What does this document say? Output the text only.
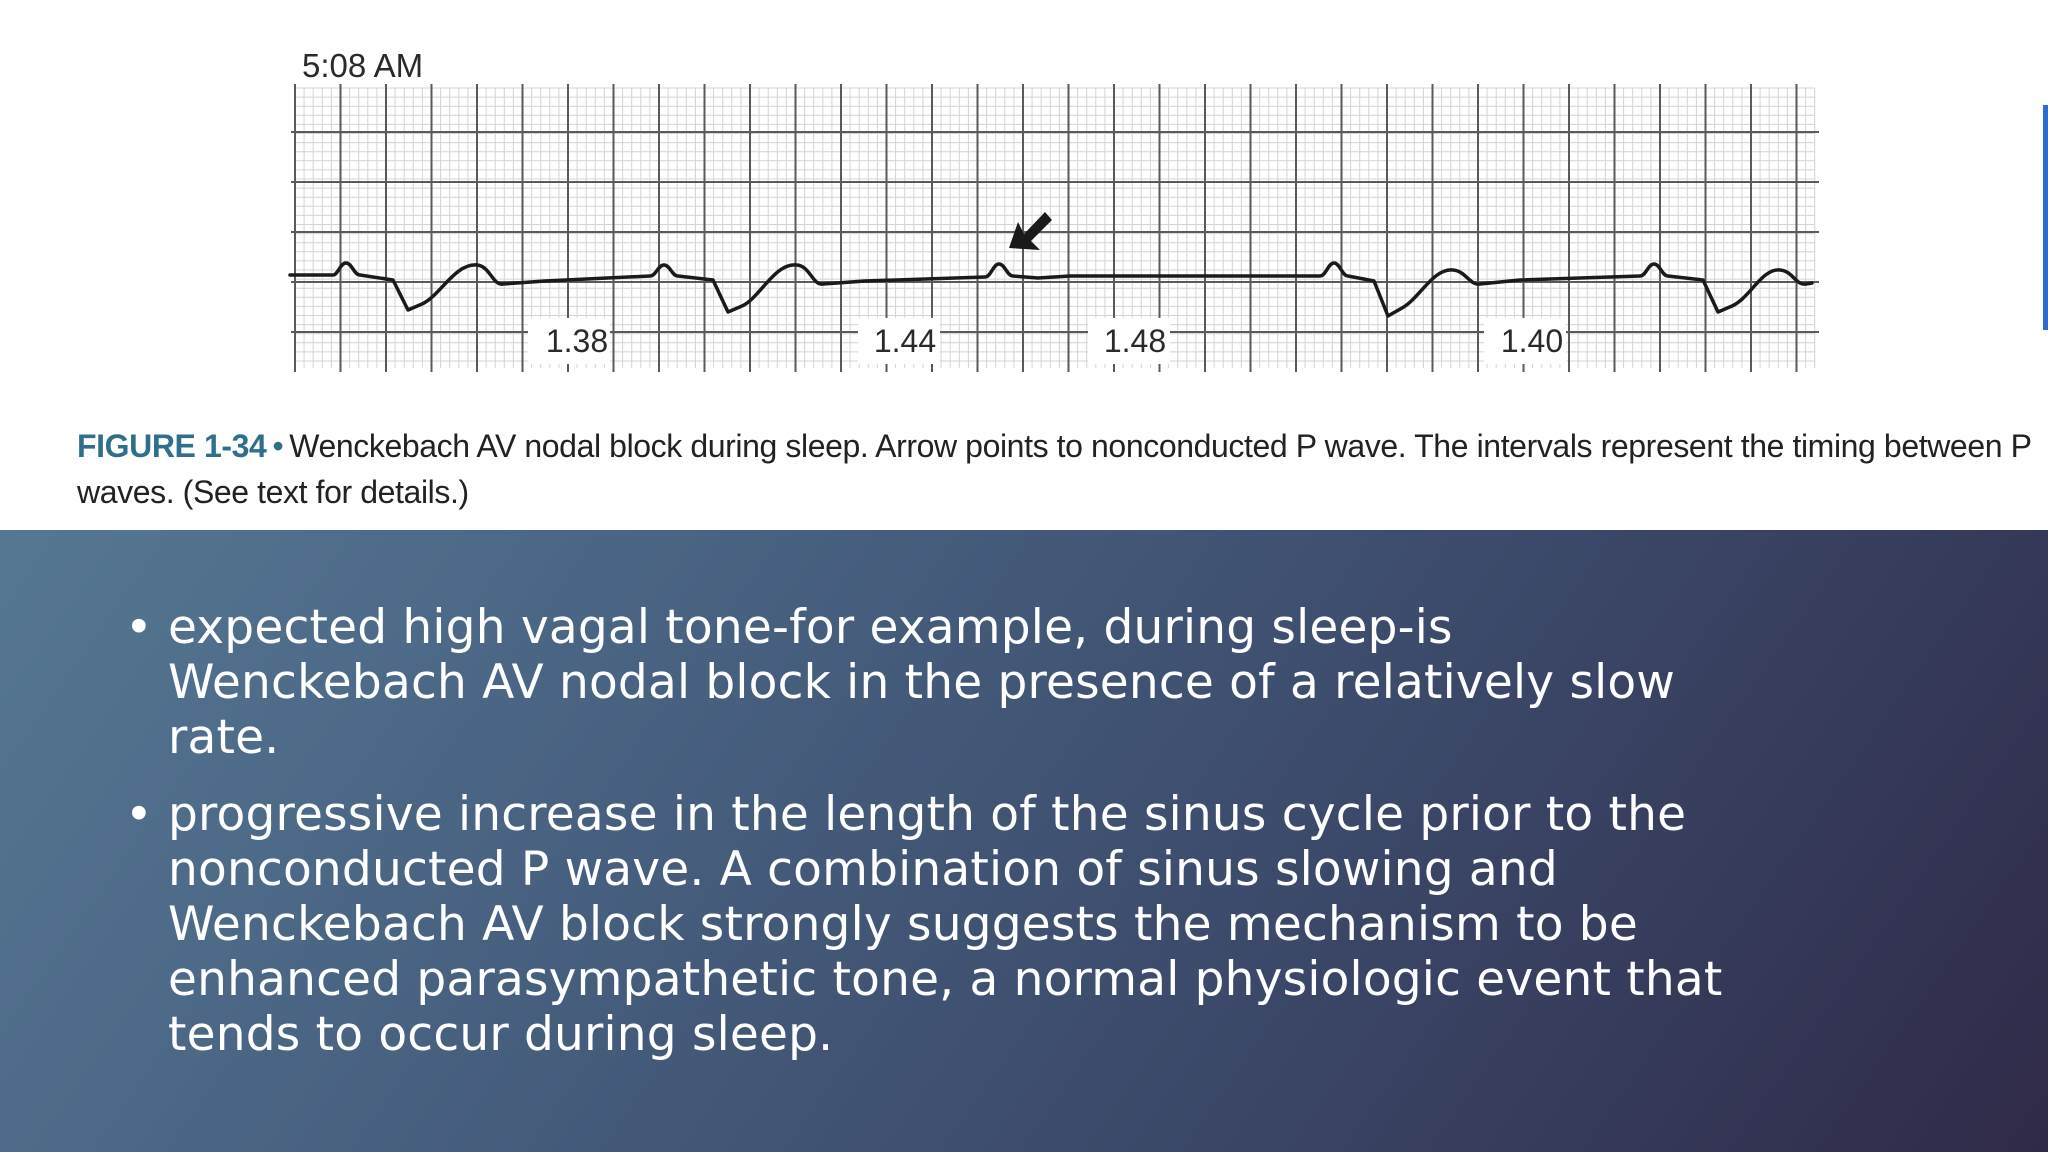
5:08 AM
1.38	1.44	1.48	1.40
FIGURE 1-34 • Wenckebach AV nodal block during sleep. Arrow points to nonconducted P wave. The intervals represent the timing between P waves. (See text for details.)
• expected high vagal tone-for example, during sleep-is Wenckebach AV nodal block in the presence of a relatively slow rate.
• progressive increase in the length of the sinus cycle prior to the nonconducted P wave. A combination of sinus slowing and Wenckebach AV block strongly suggests the mechanism to be enhanced parasympathetic tone, a normal physiologic event that tends to occur during sleep.
